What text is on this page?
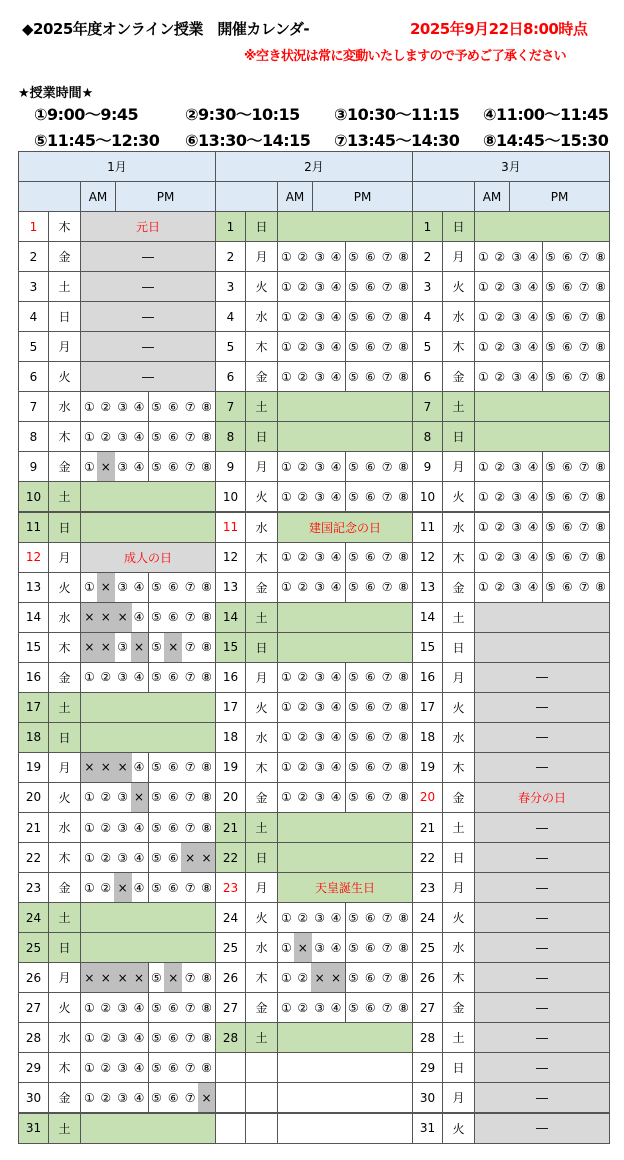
◆2025年度オンライン授業　開催カレンダ-	2025年9月22日8:00時点
※空き状況は常に変動いたしますので予めご了承ください
★授業時間★
①9:00〜9:45	②9:30〜10:15 ③10:30〜11:15 ④11:00〜11:45
⑤11:45〜12:30 ⑥13:30〜14:15 ⑦13:45〜14:30 ⑧14:45〜15:30
1月
AM	PM
1	木	元日
2	金	―
3	土	―
4	日	―
5	月	―
6	火	―
7	水	① ② ③ ④ ⑤ ⑥ ⑦ ⑧
8	木	① ② ③ ④ ⑤ ⑥ ⑦ ⑧
9	金	① × ③ ④ ⑤ ⑥ ⑦ ⑧
10	土
11	日
12	月	成人の日
13	火	① × ③ ④ ⑤ ⑥ ⑦ ⑧
14	水	× × × ④ ⑤ ⑥ ⑦ ⑧
15	木	× × ③ × ⑤ × ⑦ ⑧
16	金	① ② ③ ④ ⑤ ⑥ ⑦ ⑧
17	土
18	日
19	月	× × × ④ ⑤ ⑥ ⑦ ⑧
20	火	① ② ③ × ⑤ ⑥ ⑦ ⑧
21	水	① ② ③ ④ ⑤ ⑥ ⑦ ⑧
22	木	① ② ③ ④ ⑤ ⑥ × ×
23	金	① ② × ④ ⑤ ⑥ ⑦ ⑧
24	土
25	日
26	月	× × × × ⑤ × ⑦ ⑧
27	火	① ② ③ ④ ⑤ ⑥ ⑦ ⑧
28	水	① ② ③ ④ ⑤ ⑥ ⑦ ⑧
29	木	① ② ③ ④ ⑤ ⑥ ⑦ ⑧
30	金	① ② ③ ④ ⑤ ⑥ ⑦ ×
31	土
2月
AM	PM
1	日
2	月	① ② ③ ④ ⑤ ⑥ ⑦ ⑧
3	火	① ② ③ ④ ⑤ ⑥ ⑦ ⑧
4	水	① ② ③ ④ ⑤ ⑥ ⑦ ⑧
5	木	① ② ③ ④ ⑤ ⑥ ⑦ ⑧
6	金	① ② ③ ④ ⑤ ⑥ ⑦ ⑧
7	土
8	日
9	月	① ② ③ ④ ⑤ ⑥ ⑦ ⑧
10	火	① ② ③ ④ ⑤ ⑥ ⑦ ⑧
11	水	建国記念の日
12	木	① ② ③ ④ ⑤ ⑥ ⑦ ⑧
13	金	① ② ③ ④ ⑤ ⑥ ⑦ ⑧
14	土
15	日
16	月	① ② ③ ④ ⑤ ⑥ ⑦ ⑧
17	火	① ② ③ ④ ⑤ ⑥ ⑦ ⑧
18	水	① ② ③ ④ ⑤ ⑥ ⑦ ⑧
19	木	① ② ③ ④ ⑤ ⑥ ⑦ ⑧
20	金	① ② ③ ④ ⑤ ⑥ ⑦ ⑧
21	土
22	日
23	月	天皇誕生日
24	火	① ② ③ ④ ⑤ ⑥ ⑦ ⑧
25	水	① × ③ ④ ⑤ ⑥ ⑦ ⑧
26	木	① ② × × ⑤ ⑥ ⑦ ⑧
27	金	① ② ③ ④ ⑤ ⑥ ⑦ ⑧
28	土
3月
AM	PM
1	日
2	月	① ② ③ ④ ⑤ ⑥ ⑦ ⑧
3	火	① ② ③ ④ ⑤ ⑥ ⑦ ⑧
4	水	① ② ③ ④ ⑤ ⑥ ⑦ ⑧
5	木	① ② ③ ④ ⑤ ⑥ ⑦ ⑧
6	金	① ② ③ ④ ⑤ ⑥ ⑦ ⑧
7	土
8	日
9	月	① ② ③ ④ ⑤ ⑥ ⑦ ⑧
10	火	① ② ③ ④ ⑤ ⑥ ⑦ ⑧
11	水	① ② ③ ④ ⑤ ⑥ ⑦ ⑧
12	木	① ② ③ ④ ⑤ ⑥ ⑦ ⑧
13	金	① ② ③ ④ ⑤ ⑥ ⑦ ⑧
14	土
15	日
16	月	―
17	火	―
18	水	―
19	木	―
20	金	春分の日
21	土	―
22	日	―
23	月	―
24	火	―
25	水	―
26	木	―
27	金	―
28	土	―
29	日	―
30	月	―
31	火	―
